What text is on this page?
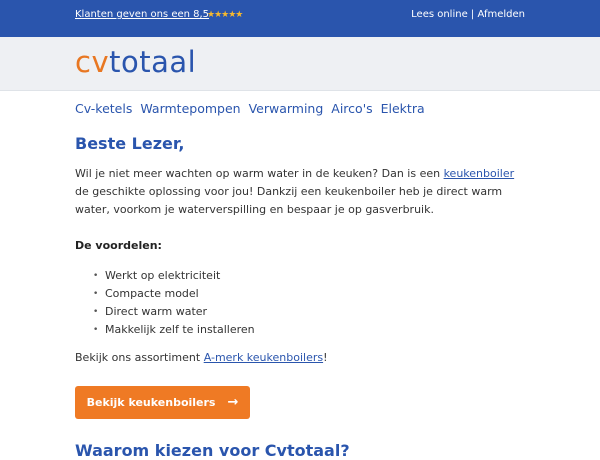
Klanten geven ons een 8,5
★★★★★	Lees online | Afmelden
cvtotaal
Cv-ketels Warmtepompen Verwarming Airco's Elektra
Beste Lezer,

Wil je niet meer wachten op warm water in de keuken? Dan is een keukenboiler de geschikte oplossing voor jou! Dankzij een keukenboiler heb je direct warm water, voorkom je waterverspilling en bespaar je op gasverbruik.

De voordelen:
• Werkt op elektriciteit
• Compacte model
• Direct warm water
• Makkelijk zelf te installeren

Bekijk ons assortiment A-merk keukenboilers!

Bekijk keukenboilers →
Waarom kiezen voor Cvtotaal?
